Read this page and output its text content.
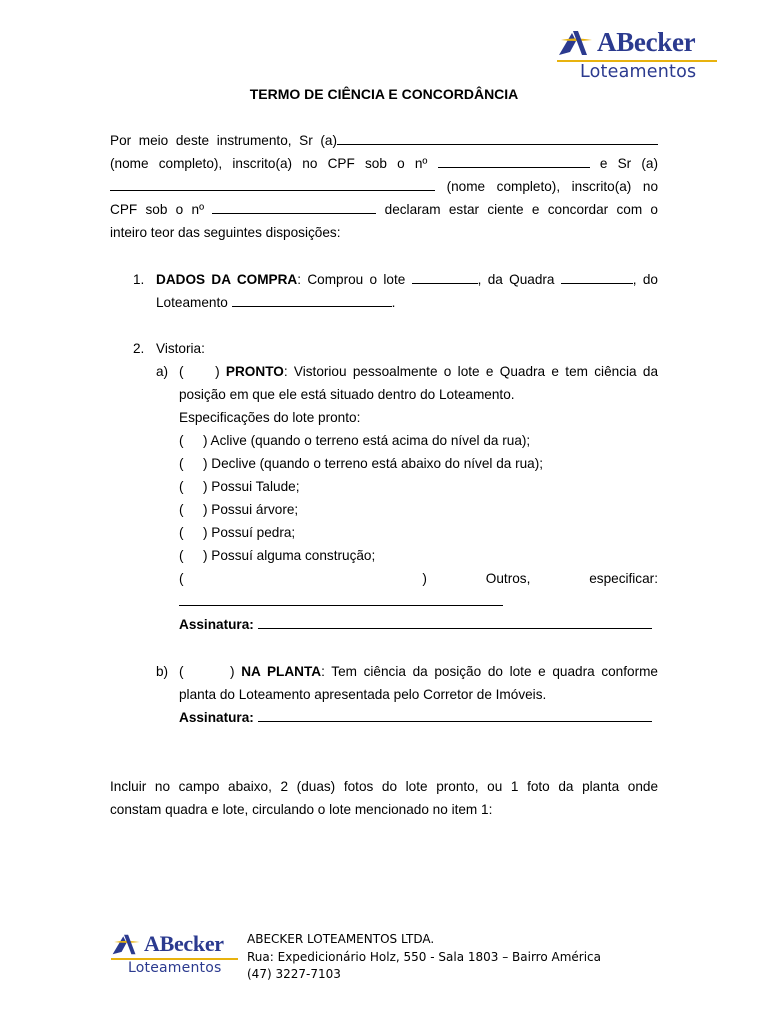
ABecker
Loteamentos
TERMO DE CIÊNCIA E CONCORDÂNCIA
Por meio deste instrumento, Sr (a)
(nome completo), inscrito(a) no CPF sob o nº	e Sr (a)
(nome completo), inscrito(a) no
CPF sob o nº	declaram estar ciente e concordar com o
inteiro teor das seguintes disposições:
1. DADOS DA COMPRA: Comprou o lote	, da Quadra	, do
Loteamento	.
2. Vistoria:
a) (     ) PRONTO: Vistoriou pessoalmente o lote e Quadra e tem ciência da
posição em que ele está situado dentro do Loteamento.
Especificações do lote pronto:
( ) Aclive (quando o terreno está acima do nível da rua);
( ) Declive (quando o terreno está abaixo do nível da rua);
( ) Possui Talude;
( ) Possui árvore;
( ) Possuí pedra;
( ) Possuí alguma construção;
(	)	Outros,	especificar:
Assinatura:
b) (       ) NA PLANTA: Tem ciência da posição do lote e quadra conforme
planta do Loteamento apresentada pelo Corretor de Imóveis.
Assinatura:
Incluir no campo abaixo, 2 (duas) fotos do lote pronto, ou 1 foto da planta onde
constam quadra e lote, circulando o lote mencionado no item 1:
ABecker
Loteamentos
ABECKER LOTEAMENTOS LTDA.
Rua: Expedicionário Holz, 550 - Sala 1803 – Bairro América
(47) 3227-7103
